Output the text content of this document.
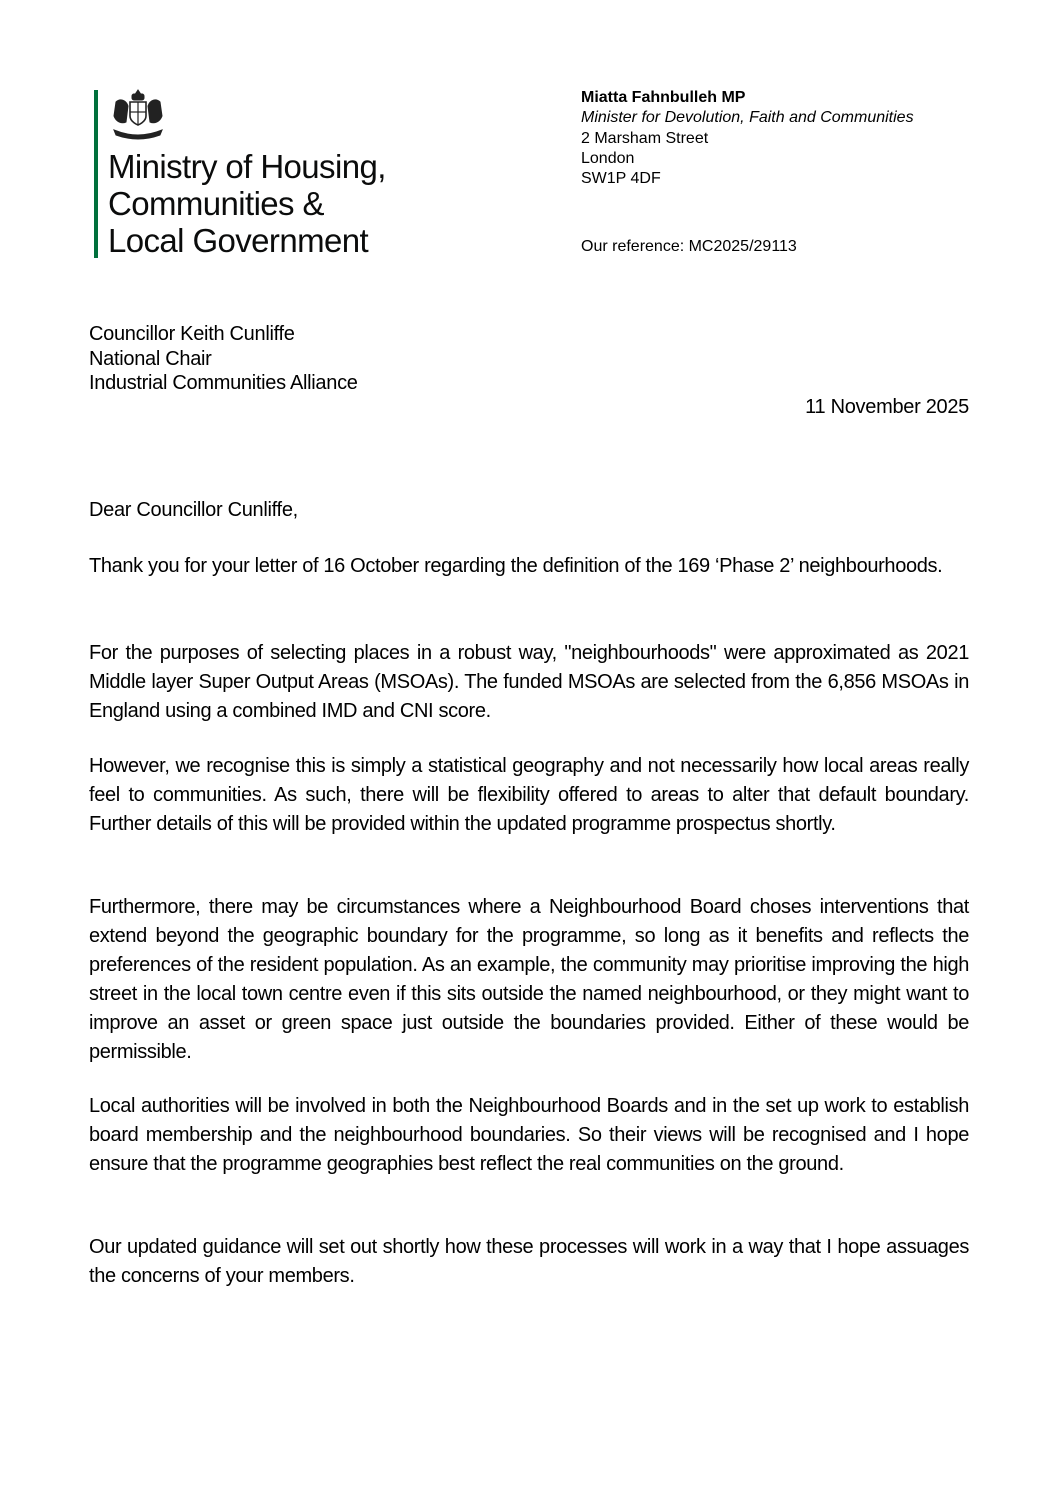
Ministry of Housing,
Communities &
Local Government
Miatta Fahnbulleh MP
Minister for Devolution, Faith and Communities
2 Marsham Street
London
SW1P 4DF
Our reference: MC2025/29113
Councillor Keith Cunliffe
National Chair
Industrial Communities Alliance
11 November 2025
Dear Councillor Cunliffe,

Thank you for your letter of 16 October regarding the definition of the 169 ‘Phase 2’ neighbourhoods.

For the purposes of selecting places in a robust way, "neighbourhoods" were approximated as 2021 Middle layer Super Output Areas (MSOAs). The funded MSOAs are selected from the 6,856 MSOAs in England using a combined IMD and CNI score.

However, we recognise this is simply a statistical geography and not necessarily how local areas really feel to communities. As such, there will be flexibility offered to areas to alter that default boundary. Further details of this will be provided within the updated programme prospectus shortly.

Furthermore, there may be circumstances where a Neighbourhood Board choses interventions that extend beyond the geographic boundary for the programme, so long as it benefits and reflects the preferences of the resident population. As an example, the community may prioritise improving the high street in the local town centre even if this sits outside the named neighbourhood, or they might want to improve an asset or green space just outside the boundaries provided. Either of these would be permissible.

Local authorities will be involved in both the Neighbourhood Boards and in the set up work to establish board membership and the neighbourhood boundaries. So their views will be recognised and I hope ensure that the programme geographies best reflect the real communities on the ground.

Our updated guidance will set out shortly how these processes will work in a way that I hope assuages the concerns of your members.
